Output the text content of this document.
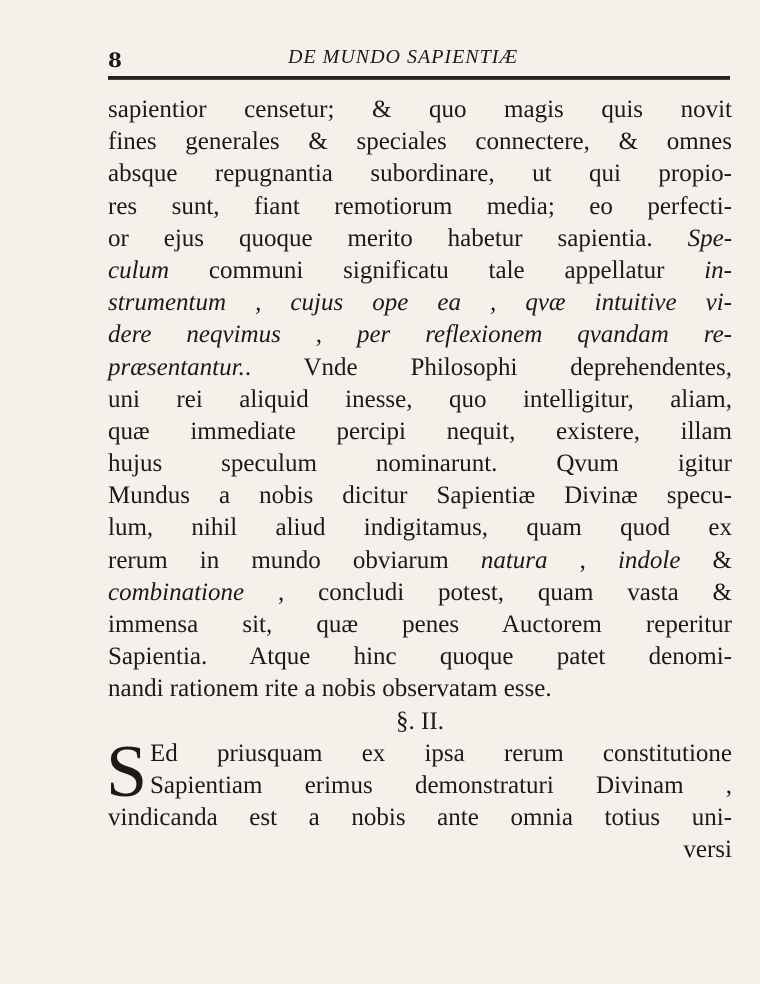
8	DE MUNDO SAPIENTIÆ
sapientior censetur; & quo magis quis novit
fines generales & speciales connectere, & omnes
absque repugnantia subordinare, ut qui propio-
res sunt, fiant remotiorum media; eo perfecti-
or ejus quoque merito habetur sapientia. Spe-
culum communi significatu tale appellatur in-
strumentum , cujus ope ea , qvæ intuitive vi-
dere neqvimus , per reflexionem qvandam re-
præsentantur.. Vnde Philosophi deprehendentes,
uni rei aliquid inesse, quo intelligitur, aliam,
quæ immediate percipi nequit, existere, illam
hujus speculum nominarunt. Qvum igitur
Mundus a nobis dicitur Sapientiæ Divinæ specu-
lum, nihil aliud indigitamus, quam quod ex
rerum in mundo obviarum natura , indole &
combinatione , concludi potest, quam vasta &
immensa sit, quæ penes Auctorem reperitur
Sapientia. Atque hinc quoque patet denomi-
nandi rationem rite a nobis observatam esse.
§. II.
S Ed priusquam ex ipsa rerum constitutione
Sapientiam erimus demonstraturi Divinam ,
vindicanda est a nobis ante omnia totius uni-
versi
